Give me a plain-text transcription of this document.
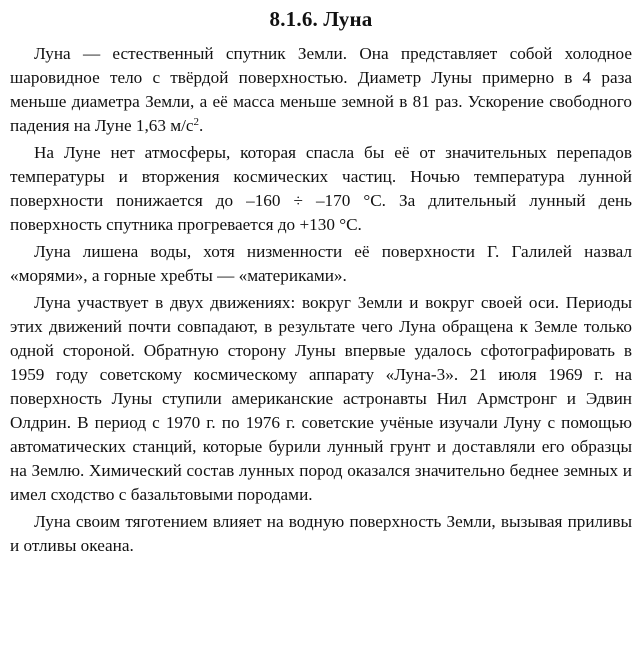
8.1.6. Луна

Луна — естественный спутник Земли. Она представляет собой холодное шаровидное тело с твёрдой поверхностью. Диаметр Луны примерно в 4 раза меньше диаметра Земли, а её масса меньше земной в 81 раз. Ускорение свободного падения на Луне 1,63 $м/с^2$.

На Луне нет атмосферы, которая спасла бы её от значительных перепадов температуры и вторжения космических частиц. Ночью температура лунной поверхности понижается до –160 ÷ –170 °С. За длительный лунный день поверхность спутника прогревается до +130 °С.

Луна лишена воды, хотя низменности её поверхности Г. Галилей назвал «морями», а горные хребты — «материками».

Луна участвует в двух движениях: вокруг Земли и вокруг своей оси. Периоды этих движений почти совпадают, в результате чего Луна обращена к Земле только одной стороной. Обратную сторону Луны впервые удалось сфотографировать в 1959 году советскому космическому аппарату «Луна-3». 21 июля 1969 г. на поверхность Луны ступили американские астронавты Нил Армстронг и Эдвин Олдрин. В период с 1970 г. по 1976 г. советские учёные изучали Луну с помощью автоматических станций, которые бурили лунный грунт и доставляли его образцы на Землю. Химический состав лунных пород оказался значительно беднее земных и имел сходство с базальтовыми породами.

Луна своим тяготением влияет на водную поверхность Земли, вызывая приливы и отливы океана.
